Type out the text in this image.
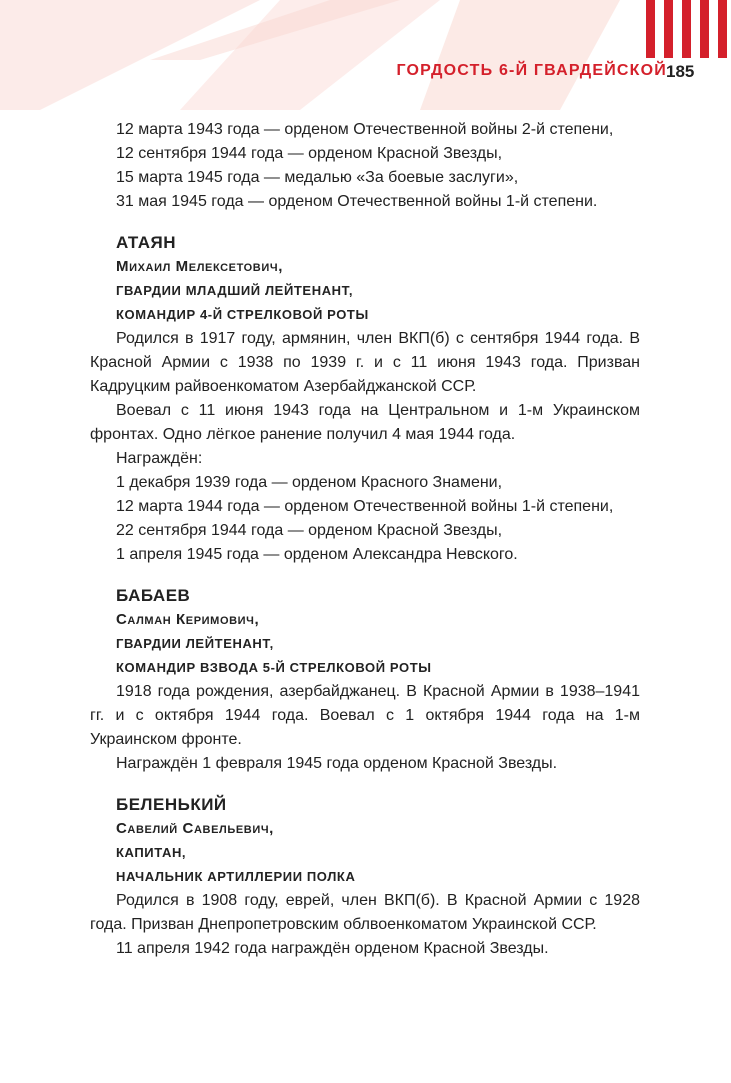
ГОРДОСТЬ 6-Й ГВАРДЕЙСКОЙ 185

12 марта 1943 года — орденом Отечественной войны 2-й степени,

12 сентября 1944 года — орденом Красной Звезды,

15 марта 1945 года — медалью «За боевые заслуги»,

31 мая 1945 года — орденом Отечественной войны 1-й степени.

АТАЯН

Михаил Мелексетович,

ГВАРДИИ МЛАДШИЙ ЛЕЙТЕНАНТ,

КОМАНДИР 4-Й СТРЕЛКОВОЙ РОТЫ

Родился в 1917 году, армянин, член ВКП(б) с сентября 1944 года. В Красной Армии с 1938 по 1939 г. и с 11 июня 1943 года. Призван Кадруцким райвоенкоматом Азербайджанской ССР.

Воевал с 11 июня 1943 года на Центральном и 1-м Украинском фронтах. Одно лёгкое ранение получил 4 мая 1944 года.

Награждён:

1 декабря 1939 года — орденом Красного Знамени,

12 марта 1944 года — орденом Отечественной войны 1-й степени,

22 сентября 1944 года — орденом Красной Звезды,

1 апреля 1945 года — орденом Александра Невского.

БАБАЕВ

Салман Керимович,

ГВАРДИИ ЛЕЙТЕНАНТ,

КОМАНДИР ВЗВОДА 5-Й СТРЕЛКОВОЙ РОТЫ

1918 года рождения, азербайджанец. В Красной Армии в 1938–1941 гг. и с октября 1944 года. Воевал с 1 октября 1944 года на 1-м Украинском фронте.

Награждён 1 февраля 1945 года орденом Красной Звезды.

БЕЛЕНЬКИЙ

Савелий Савельевич,

КАПИТАН,

НАЧАЛЬНИК АРТИЛЛЕРИИ ПОЛКА

Родился в 1908 году, еврей, член ВКП(б). В Красной Армии с 1928 года. Призван Днепропетровским облвоенкоматом Украинской ССР.

11 апреля 1942 года награждён орденом Красной Звезды.
